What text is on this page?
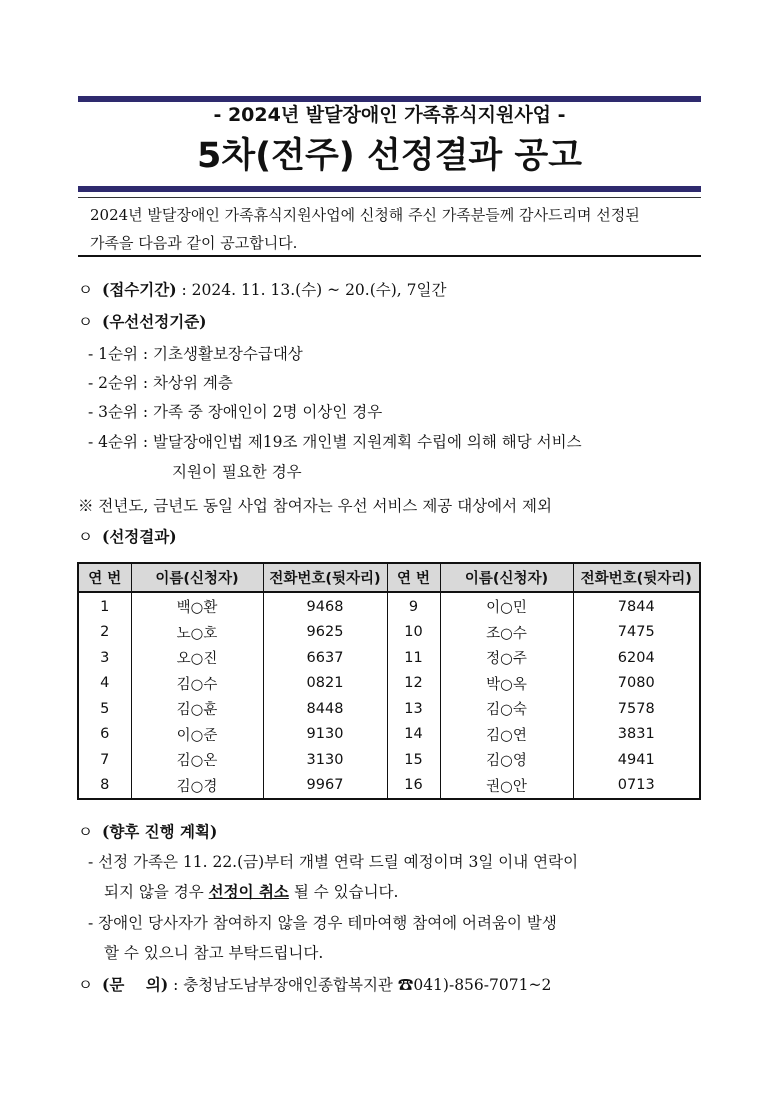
- 2024년 발달장애인 가족휴식지원사업 -
5차(전주) 선정결과 공고
2024년 발달장애인 가족휴식지원사업에 신청해 주신 가족분들께 감사드리며 선정된
가족을 다음과 같이 공고합니다.
ㅇ (접수기간) : 2024. 11. 13.(수) ~ 20.(수), 7일간
ㅇ (우선선정기준)
- 1순위 : 기초생활보장수급대상
- 2순위 : 차상위 계층
- 3순위 : 가족 중 장애인이 2명 이상인 경우
- 4순위 : 발달장애인법 제19조 개인별 지원계획 수립에 의해 해당 서비스
지원이 필요한 경우
※ 전년도, 금년도 동일 사업 참여자는 우선 서비스 제공 대상에서 제외
ㅇ (선정결과)
연 번	이름(신청자)	전화번호(뒷자리)	연 번	이름(신청자)	전화번호(뒷자리)
1	백○환	9468	9	이○민	7844
2	노○호	9625	10	조○수	7475
3	오○진	6637	11	정○주	6204
4	김○수	0821	12	박○옥	7080
5	김○훈	8448	13	김○숙	7578
6	이○준	9130	14	김○연	3831
7	김○온	3130	15	김○영	4941
8	김○경	9967	16	권○안	0713
ㅇ (향후 진행 계획)
- 선정 가족은 11. 22.(금)부터 개별 연락 드릴 예정이며 3일 이내 연락이
되지 않을 경우 선정이 취소 될 수 있습니다.
- 장애인 당사자가 참여하지 않을 경우 테마여행 참여에 어려움이 발생
할 수 있으니 참고 부탁드립니다.
ㅇ (문    의) : 충청남도남부장애인종합복지관 ☎041)-856-7071~2
